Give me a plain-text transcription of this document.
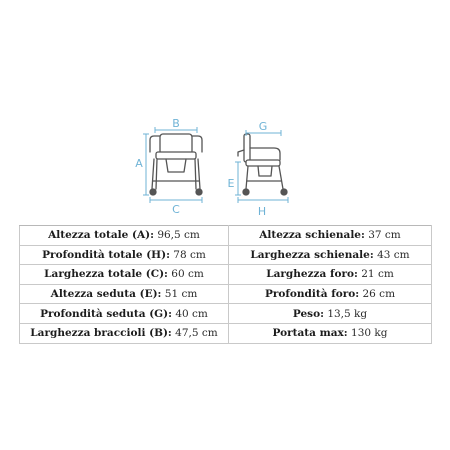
B
A
C
G
E
H
Altezza totale (A): 96,5 cm	Altezza schienale: 37 cm
Profondità totale (H): 78 cm	Larghezza schienale: 43 cm
Larghezza totale (C): 60 cm	Larghezza foro: 21 cm
Altezza seduta (E): 51 cm	Profondità foro: 26 cm
Profondità seduta (G): 40 cm	Peso: 13,5 kg
Larghezza braccioli (B): 47,5 cm	Portata max: 130 kg
